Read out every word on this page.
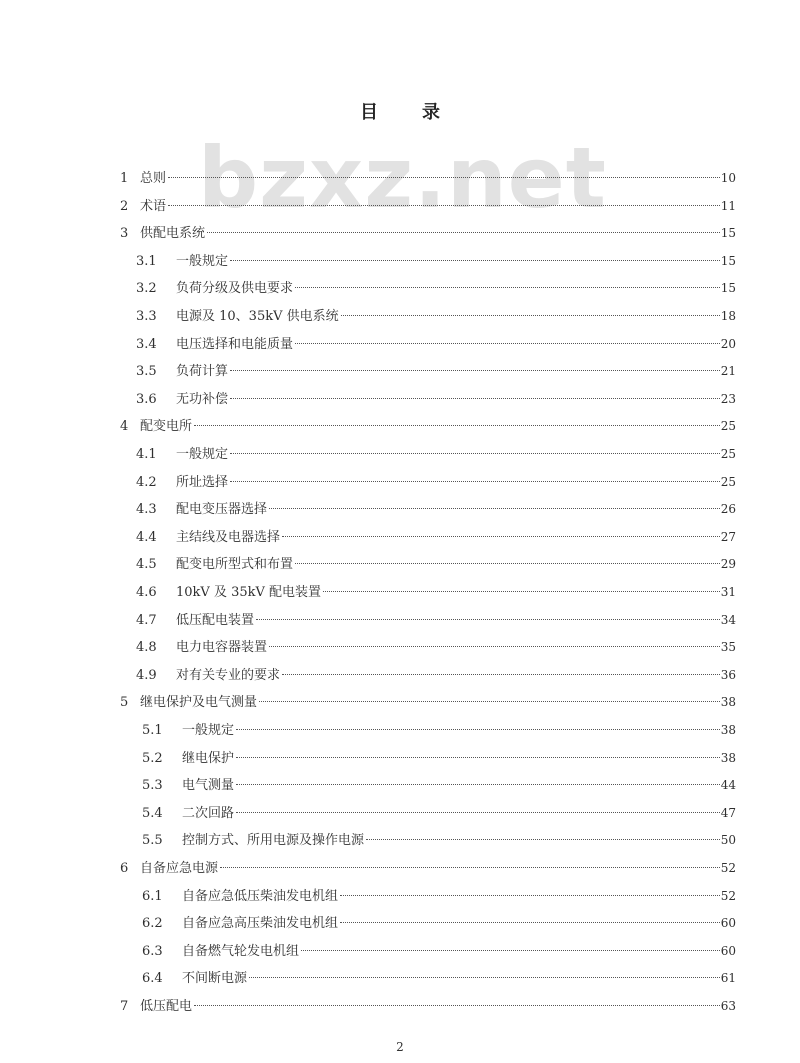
bzxz.net
目 录
1 总则	10
2 术语	11
3 供配电系统	15
3.1	一般规定	15
3.2	负荷分级及供电要求	15
3.3	电源及 10、35kV 供电系统	18
3.4	电压选择和电能质量	20
3.5	负荷计算	21
3.6	无功补偿	23
4 配变电所	25
4.1	一般规定	25
4.2	所址选择	25
4.3	配电变压器选择	26
4.4	主结线及电器选择	27
4.5	配变电所型式和布置	29
4.6	10kV 及 35kV 配电装置	31
4.7	低压配电装置	34
4.8	电力电容器装置	35
4.9	对有关专业的要求	36
5 继电保护及电气测量	38
5.1	一般规定	38
5.2	继电保护	38
5.3	电气测量	44
5.4	二次回路	47
5.5	控制方式、所用电源及操作电源	50
6 自备应急电源	52
6.1	自备应急低压柴油发电机组	52
6.2	自备应急高压柴油发电机组	60
6.3	自备燃气轮发电机组	60
6.4	不间断电源	61
7 低压配电	63
2
